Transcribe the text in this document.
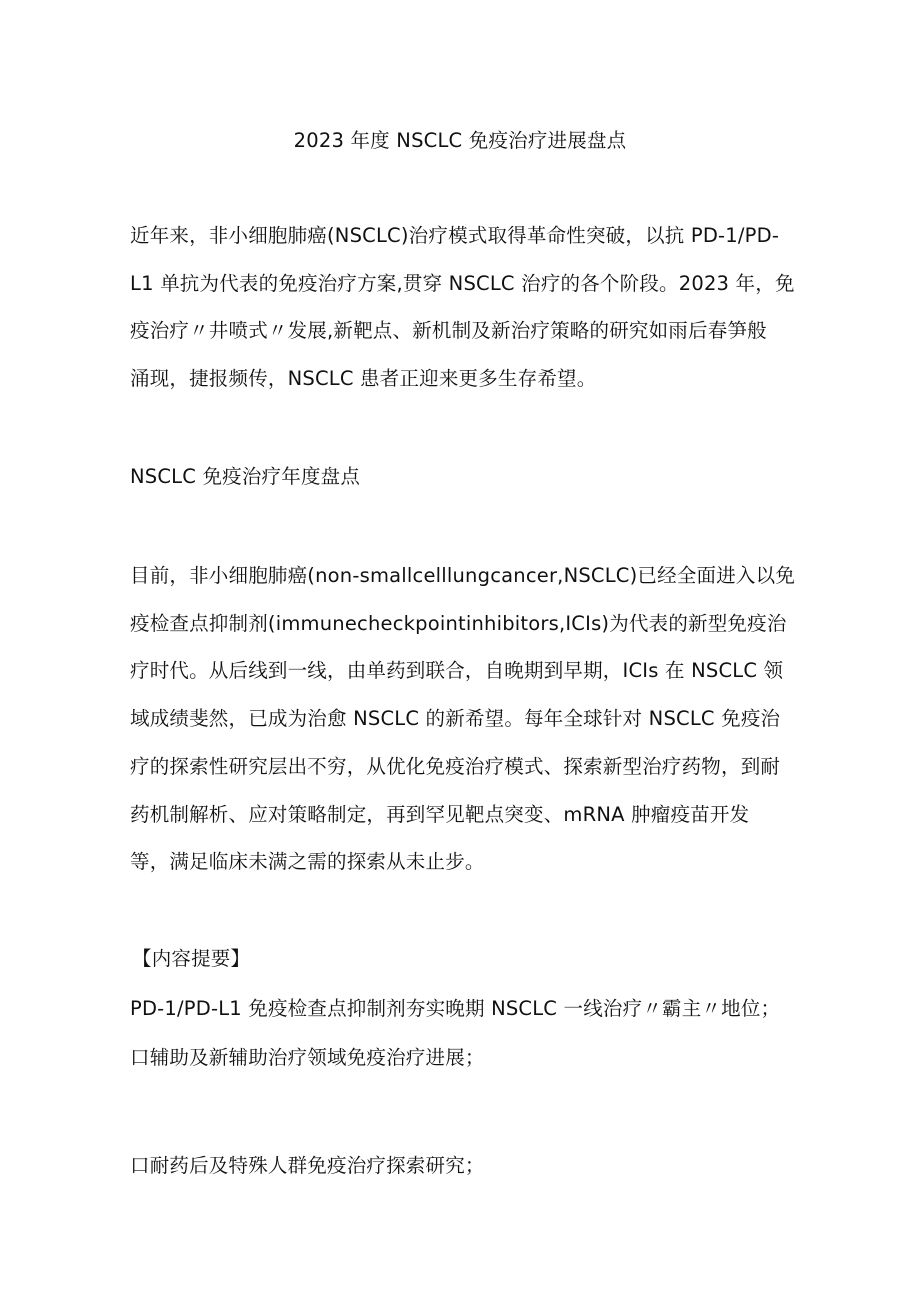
2023 年度 NSCLC 免疫治疗进展盘点
近年来，非小细胞肺癌(NSCLC)治疗模式取得革命性突破，以抗 PD-1/PD-
L1 单抗为代表的免疫治疗方案,贯穿 NSCLC 治疗的各个阶段。2023 年，免
疫治疗〃井喷式〃发展,新靶点、新机制及新治疗策略的研究如雨后春笋般
涌现，捷报频传，NSCLC 患者正迎来更多生存希望。
NSCLC 免疫治疗年度盘点
目前，非小细胞肺癌(non-smallcelllungcancer,NSCLC)已经全面进入以免
疫检查点抑制剂(immunecheckpointinhibitors,ICIs)为代表的新型免疫治
疗时代。从后线到一线，由单药到联合，自晚期到早期，ICIs 在 NSCLC 领
域成绩斐然，已成为治愈 NSCLC 的新希望。每年全球针对 NSCLC 免疫治
疗的探索性研究层出不穷，从优化免疫治疗模式、探索新型治疗药物，到耐
药机制解析、应对策略制定，再到罕见靶点突变、mRNA 肿瘤疫苗开发
等，满足临床未满之需的探索从未止步。
【内容提要】
PD-1/PD-L1 免疫检查点抑制剂夯实晚期 NSCLC 一线治疗〃霸主〃地位；
口辅助及新辅助治疗领域免疫治疗进展；
口耐药后及特殊人群免疫治疗探索研究；
